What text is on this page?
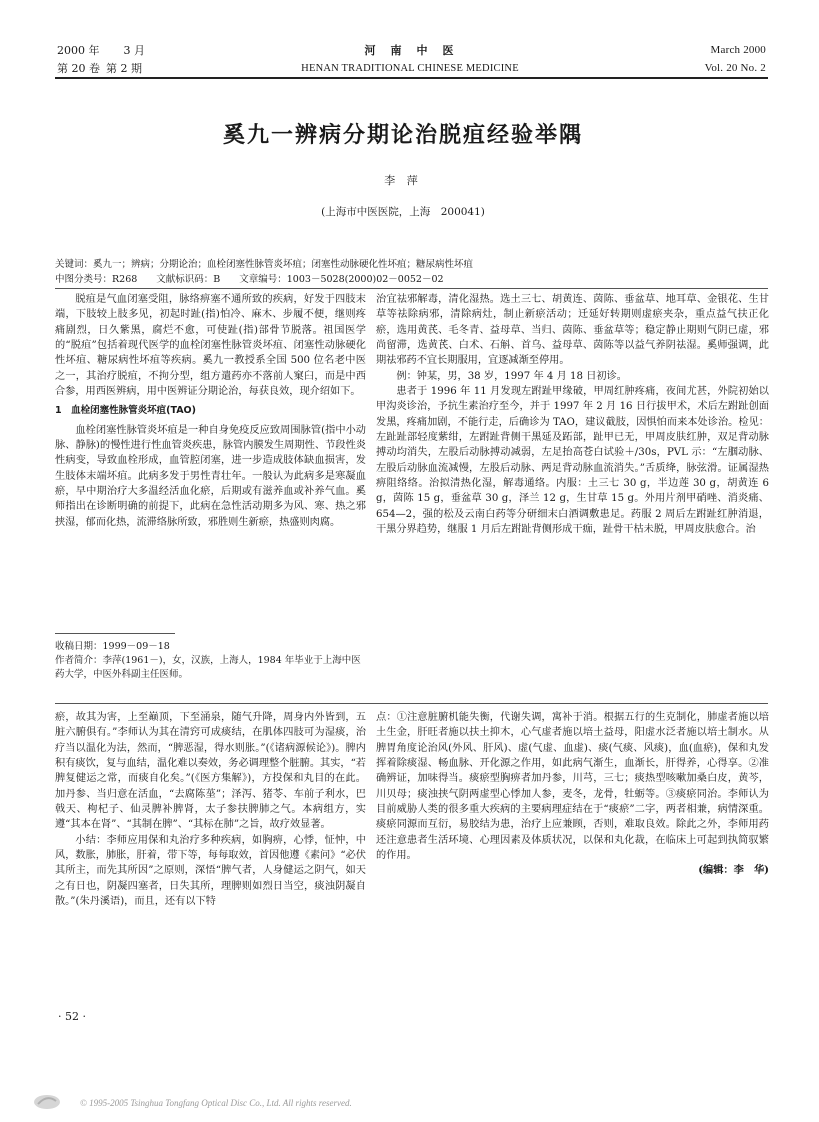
2000 年 3 月
第 20 卷 第 2 期
河　南　中　医
HENAN TRADITIONAL CHINESE MEDICINE
March 2000
Vol. 20 No. 2
奚九一辨病分期论治脱疽经验举隅
李 萍
(上海市中医医院，上海　200041)
关键词：奚九一；辨病；分期论治；血栓闭塞性脉管炎坏疽；闭塞性动脉硬化性坏疽；糖尿病性坏疽
中图分类号：R268　　文献标识码：B　　文章编号：1003－5028(2000)02－0052－02

脱疽是气血闭塞受阻，脉络痹塞不通所致的疾病，好发于四肢末端，下肢较上肢多见，初起时趾(指)怕冷、麻木、步履不便，继则疼痛剧烈，日久紫黑，腐烂不愈，可使趾(指)部骨节脱落。祖国医学的“脱疽”包括着现代医学的血栓闭塞性脉管炎坏疽、闭塞性动脉硬化性坏疽、糖尿病性坏疽等疾病。奚九一教授系全国 500 位名老中医之一，其治疗脱疽，不拘分型，组方遣药亦不落前人窠臼，而是中西合参，用西医辨病，用中医辨证分期论治，每获良效，现介绍如下。

1　血栓闭塞性脉管炎坏疽(TAO)

血栓闭塞性脉管炎坏疽是一种自身免疫反应致周围脉管(指中小动脉、静脉)的慢性进行性血管炎疾患，脉管内膜发生周期性、节段性炎性病变，导致血栓形成，血管腔闭塞，进一步造成肢体缺血损害，发生肢体末端坏疽。此病多发于男性青壮年。一般认为此病多是寒凝血瘀，早中期治疗大多温经活血化瘀，后期或有滋养血或补养气血。奚师指出在诊断明确的前提下，此病在急性活动期多为风、寒、热之邪挟湿，郁而化热，流滞络脉所致，邪胜则生新瘀，热盛则肉腐。

收稿日期：1999－09－18
作者简介：李萍(1961－)，女，汉族，上海人，1984 年毕业于上海中医药大学，中医外科副主任医师。

治宜祛邪解毒，清化湿热。选土三七、胡黄连、茵陈、垂盆草、地耳草、金银花、生甘草等祛除病邪，清除病灶，制止新瘀活动；迁延好转期则虚瘀夹杂，重点益气扶正化瘀，选用黄芪、毛冬青、益母草、当归、茵陈、垂盆草等；稳定静止期则气阴已虚，邪尚留滞，选黄芪、白术、石斛、首乌、益母草、茵陈等以益气养阴祛湿。奚师强调，此期祛邪药不宜长期服用，宜逐减渐至停用。

例：钟某，男，38 岁，1997 年 4 月 18 日初诊。

患者于 1996 年 11 月发现左跗趾甲缘破，甲周红肿疼痛，夜间尤甚，外院初始以甲沟炎诊治，予抗生素治疗至今，并于 1997 年 2 月 16 日行拔甲术，术后左跗趾创面发黑，疼痛加剧，不能行走，后确诊为 TAO，建议截肢，因惧怕而来本处诊治。检见：左趾趾部轻度紫绀，左跗趾背侧干黑延及跖部，趾甲已无，甲周皮肤红肿，双足背动脉搏动均消失，左股后动脉搏动减弱，左足抬高苍白试验＋/30s，PVL 示：“左腘动脉、左股后动脉血流减慢，左股后动脉、两足背动脉血流消失。”舌质绛，脉弦滑。证属湿热痹阻络络。治拟清热化湿，解毒通络。内服：土三七 30 g，半边莲 30 g，胡黄连 6 g，茵陈 15 g，垂盆草 30 g，泽兰 12 g，生甘草 15 g。外用片剂甲硝唑、消炎痛、654—2，强的松及云南白药等分研细末白酒调敷患足。药服 2 周后左跗趾红肿消退，干黑分界趋势，继服 1 月后左跗趾背侧形成干痂，趾骨干枯未脱，甲周皮肤愈合。治

瘀，故其为害，上至巅顶，下至涌泉，随气升降，周身内外皆到，五脏六腑俱有。”李师认为其在清窍可成痰结，在肌体四肢可为湿痰，治疗当以温化为法，然而，“脾恶湿，得水则胀。”(《诸病源候论》)。脾内积有痰饮，复与血结，温化难以奏效，务必调理整个脏腑。其实，“若脾复健运之常，而痰自化矣。”(《医方集解》)，方投保和丸目的在此。加丹参、当归意在活血，“去腐陈莝”；泽泻、猪苓、车前子利水，巴戟天、枸杞子、仙灵脾补脾肾，太子参扶脾肺之气。本病组方，实遵“其本在肾”、“其制在脾”、“其标在肺”之旨，故疗效显著。

小结：李师应用保和丸治疗多种疾病，如胸痹，心悸，怔忡，中风，数胀，肺胀，肝着，带下等，每每取效，首因他遵《素问》“必伏其所主，而先其所因”之原则，深悟“脾气者，人身健运之阴气，如天之有日也，阴凝四塞者，日失其所，理脾则如烈日当空，痰浊阴凝自散。”(朱丹溪语)，而且，还有以下特

点：①注意脏腑机能失衡，代谢失调，寓补于消。根据五行的生克制化，肺虚者施以培土生金，肝旺者施以扶土抑木，心气虚者施以培土益母，阳虚水泛者施以培土制水。从脾胃角度论治风(外风、肝风)、虚(气虚、血虚)、痰(气痰、风痰)，血(血瘀)，保和丸发挥着除痰湿、畅血脉、开化源之作用，如此病气渐生，血渐长，肝得养，心得享。②准确辨证，加味得当。痰瘀型胸痹者加丹参，川芎，三七；痰热型咳嗽加桑白皮，黄芩，川贝母；痰浊挟气阴两虚型心悸加人参，麦冬，龙骨，牡蛎等。③痰瘀同治。李师认为目前威胁人类的很多重大疾病的主要病理症结在于“痰瘀”二字，两者相兼，病情深重。痰瘀同源而互衍，易胶结为患，治疗上应兼顾，否则，难取良效。除此之外，李师用药还注意患者生活环境、心理因素及体质状况，以保和丸化裁，在临床上可起到执简驭繁的作用。

(编辑：李　华)
· 52 ·
© 1995-2005 Tsinghua Tongfang Optical Disc Co., Ltd. All rights reserved.
